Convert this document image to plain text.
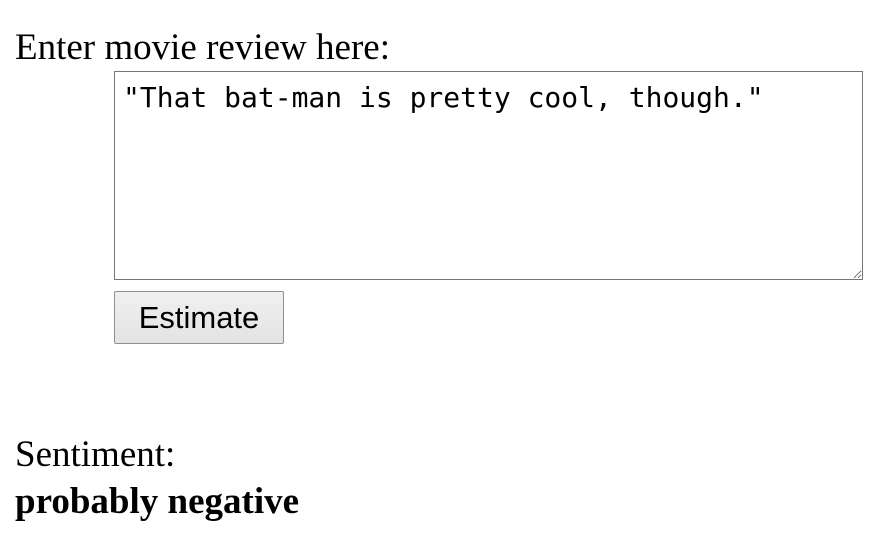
Enter movie review here:
"That bat-man is pretty cool, though."
Estimate
Sentiment:
probably negative
